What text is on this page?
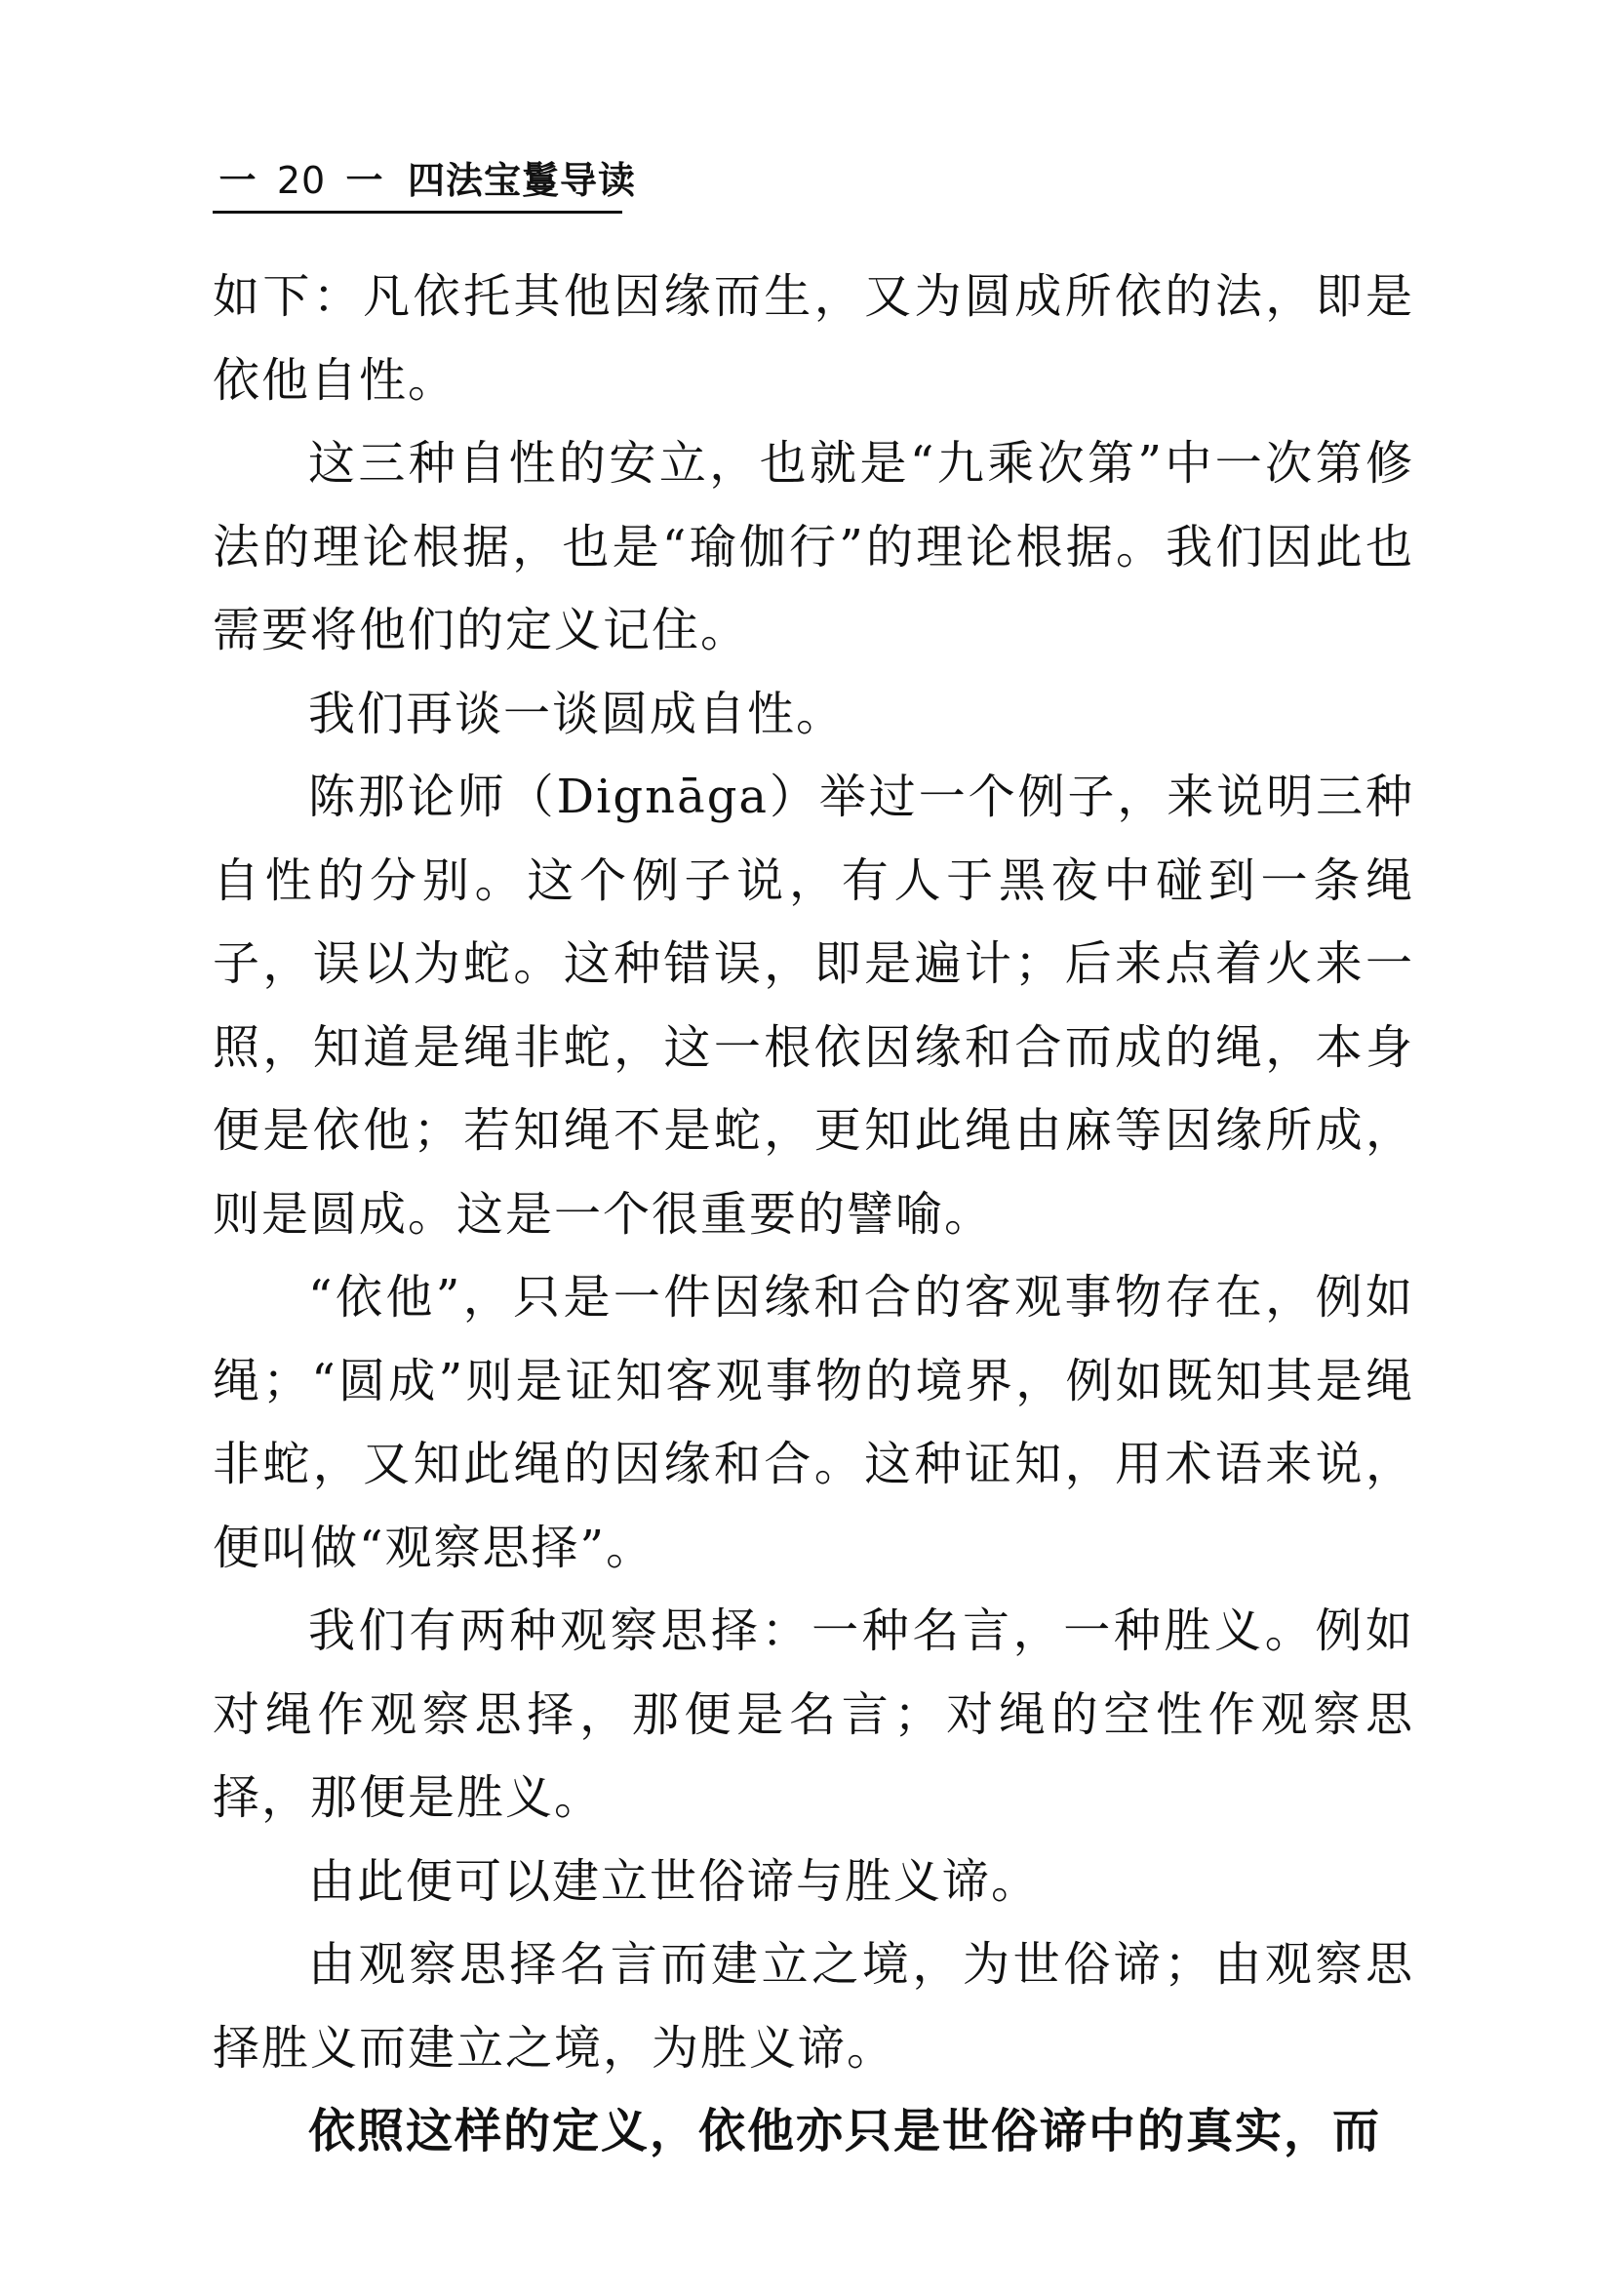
一 20 一 四法宝鬘导读

如下：凡依托其他因缘而生，又为圆成所依的法，即是依他自性。

这三种自性的安立，也就是“九乘次第”中一次第修法的理论根据，也是“瑜伽行”的理论根据。我们因此也需要将他们的定义记住。

我们再谈一谈圆成自性。

陈那论师（Dignāga）举过一个例子，来说明三种自性的分别。这个例子说，有人于黑夜中碰到一条绳子，误以为蛇。这种错误，即是遍计；后来点着火来一照，知道是绳非蛇，这一根依因缘和合而成的绳，本身便是依他；若知绳不是蛇，更知此绳由麻等因缘所成，则是圆成。这是一个很重要的譬喻。

“依他”，只是一件因缘和合的客观事物存在，例如绳；“圆成”则是证知客观事物的境界，例如既知其是绳非蛇，又知此绳的因缘和合。这种证知，用术语来说，便叫做“观察思择”。

我们有两种观察思择：一种名言，一种胜义。例如对绳作观察思择，那便是名言；对绳的空性作观察思择，那便是胜义。

由此便可以建立世俗谛与胜义谛。

由观察思择名言而建立之境，为世俗谛；由观察思择胜义而建立之境，为胜义谛。

依照这样的定义，依他亦只是世俗谛中的真实，而
